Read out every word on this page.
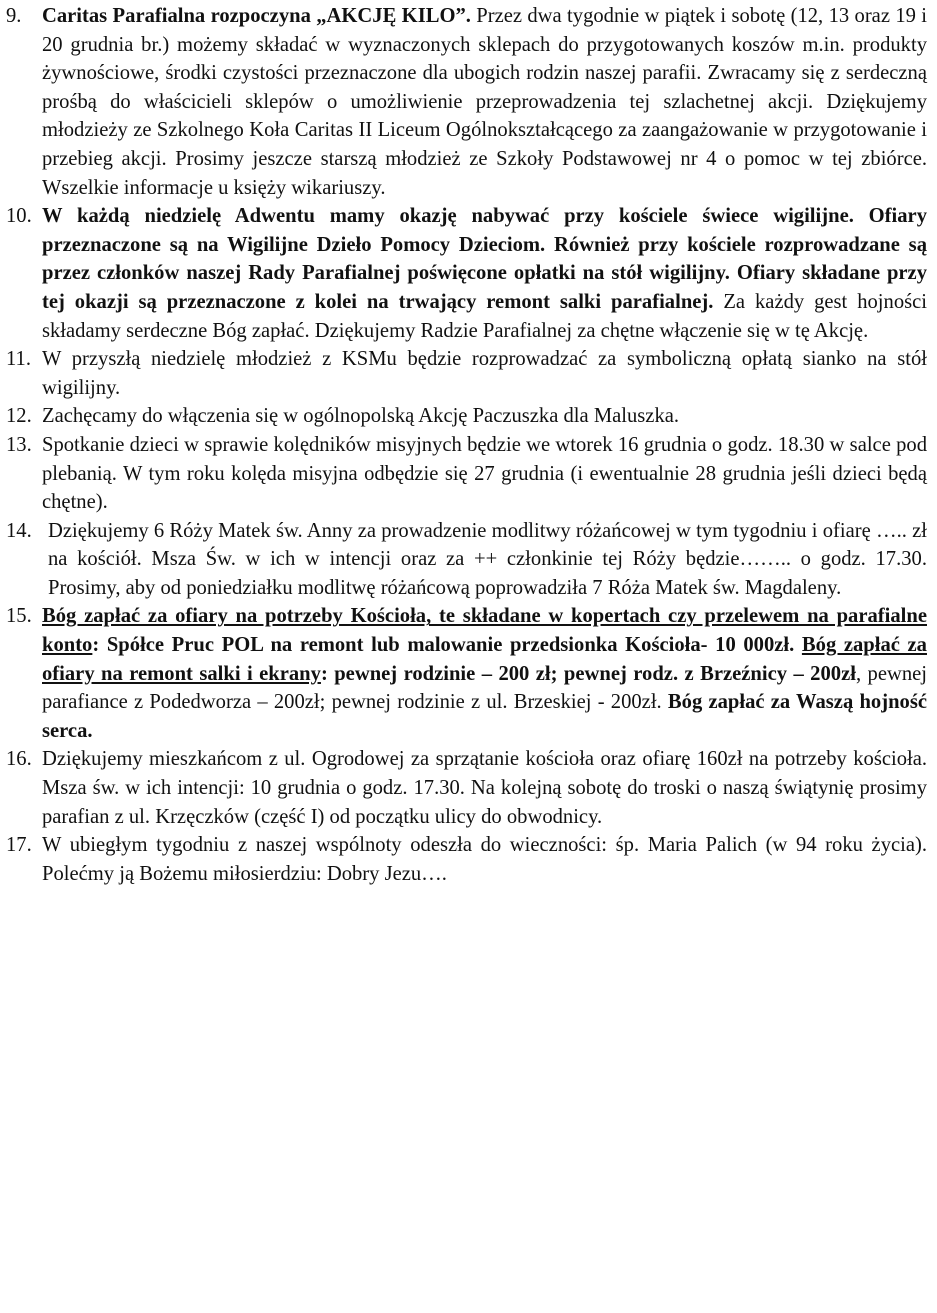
9. Caritas Parafialna rozpoczyna „AKCJĘ KILO”. Przez dwa tygodnie w piątek i sobotę (12, 13 oraz 19 i 20 grudnia br.) możemy składać w wyznaczonych sklepach do przygotowanych koszów m.in. produkty żywnościowe, środki czystości przeznaczone dla ubogich rodzin naszej parafii. Zwracamy się z serdeczną prośbą do właścicieli sklepów o umożliwienie przeprowadzenia tej szlachetnej akcji. Dziękujemy młodzieży ze Szkolnego Koła Caritas II Liceum Ogólnokształcącego za zaangażowanie w przygotowanie i przebieg akcji. Prosimy jeszcze starszą młodzież ze Szkoły Podstawowej nr 4 o pomoc w tej zbiórce. Wszelkie informacje u księży wikariuszy.
10. W każdą niedzielę Adwentu mamy okazję nabywać przy kościele świece wigilijne. Ofiary przeznaczone są na Wigilijne Dzieło Pomocy Dzieciom. Również przy kościele rozprowadzane są przez członków naszej Rady Parafialnej poświęcone opłatki na stół wigilijny. Ofiary składane przy tej okazji są przeznaczone z kolei na trwający remont salki parafialnej. Za każdy gest hojności składamy serdeczne Bóg zapłać. Dziękujemy Radzie Parafialnej za chętne włączenie się w tę Akcję.
11. W przyszłą niedzielę młodzież z KSMu będzie rozprowadzać za symboliczną opłatą sianko na stół wigilijny.
12. Zachęcamy do włączenia się w ogólnopolską Akcję Paczuszka dla Maluszka.
13. Spotkanie dzieci w sprawie kolędników misyjnych będzie we wtorek 16 grudnia o godz. 18.30 w salce pod plebanią. W tym roku kolęda misyjna odbędzie się 27 grudnia (i ewentualnie 28 grudnia jeśli dzieci będą chętne).
14. Dziękujemy 6 Róży Matek św. Anny za prowadzenie modlitwy różańcowej w tym tygodniu i ofiarę ….. zł na kościół. Msza Św. w ich w intencji oraz za ++ członkinie tej Róży będzie…….. o godz. 17.30. Prosimy, aby od poniedziałku modlitwę różańcową poprowadziła 7 Róża Matek św. Magdaleny.
15. Bóg zapłać za ofiary na potrzeby Kościoła, te składane w kopertach czy przelewem na parafialne konto: Spółce Pruc POL na remont lub malowanie przedsionka Kościoła- 10 000zł. Bóg zapłać za ofiary na remont salki i ekrany: pewnej rodzinie – 200 zł; pewnej rodz. z Brzeźnicy – 200zł, pewnej parafiance z Podedworza – 200zł; pewnej rodzinie z ul. Brzeskiej - 200zł. Bóg zapłać za Waszą hojność serca.
16. Dziękujemy mieszkańcom z ul. Ogrodowej za sprzątanie kościoła oraz ofiarę 160zł na potrzeby kościoła. Msza św. w ich intencji: 10 grudnia o godz. 17.30. Na kolejną sobotę do troski o naszą świątynię prosimy parafian z ul. Krzęczków (część I) od początku ulicy do obwodnicy.
17. W ubiegłym tygodniu z naszej wspólnoty odeszła do wieczności: śp. Maria Palich (w 94 roku życia). Polećmy ją Bożemu miłosierdziu: Dobry Jezu….
